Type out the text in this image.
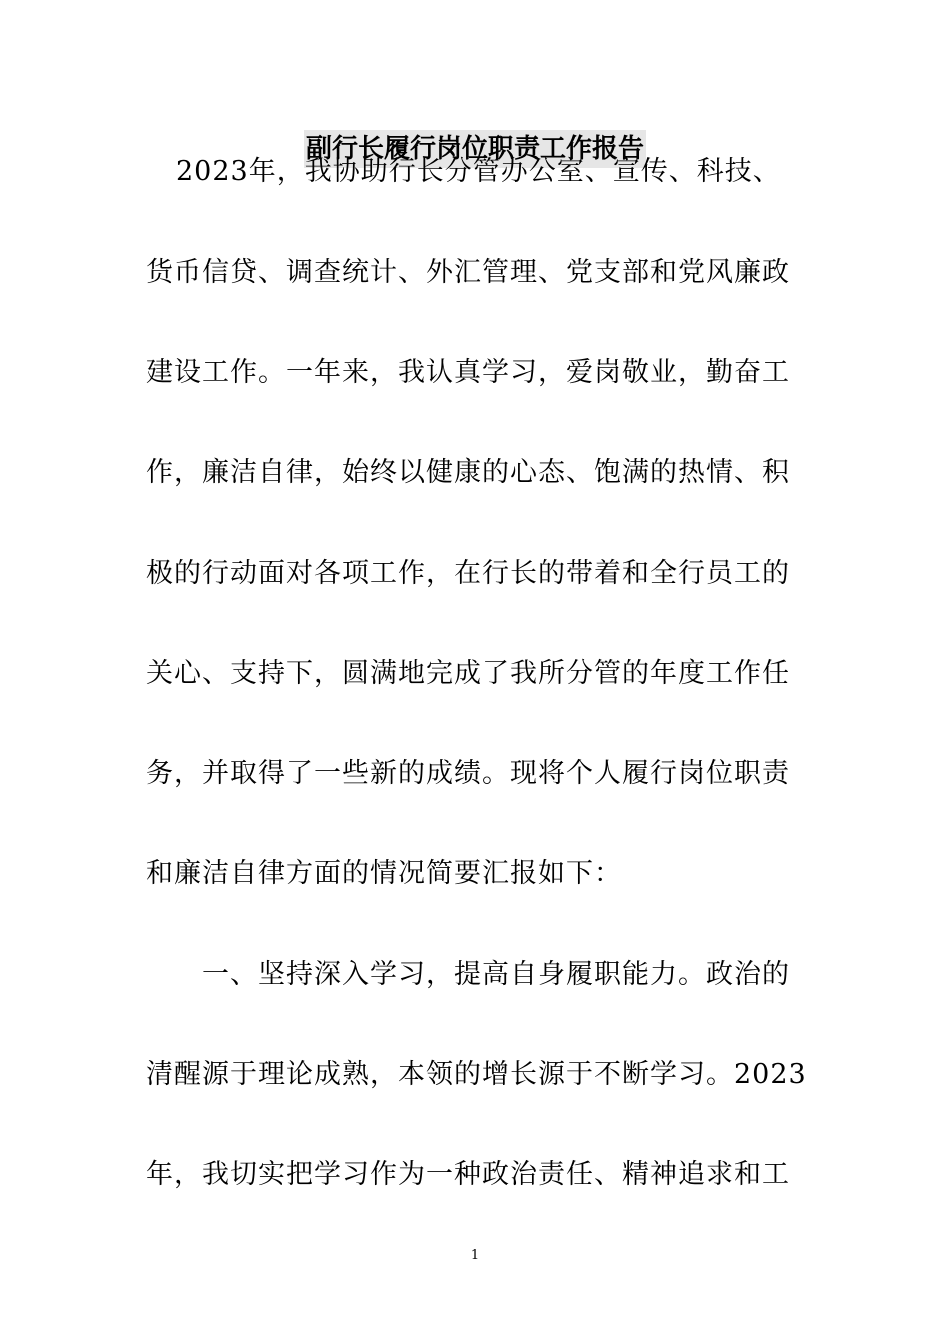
副行长履行岗位职责工作报告
2023年，我协助行长分管办公室、宣传、科技、
货币信贷、调查统计、外汇管理、党支部和党风廉政
建设工作。一年来，我认真学习，爱岗敬业，勤奋工
作，廉洁自律，始终以健康的心态、饱满的热情、积
极的行动面对各项工作，在行长的带着和全行员工的
关心、支持下，圆满地完成了我所分管的年度工作任
务，并取得了一些新的成绩。现将个人履行岗位职责
和廉洁自律方面的情况简要汇报如下：
一、坚持深入学习，提高自身履职能力。政治的
清醒源于理论成熟，本领的增长源于不断学习。2023
年，我切实把学习作为一种政治责任、精神追求和工
1
